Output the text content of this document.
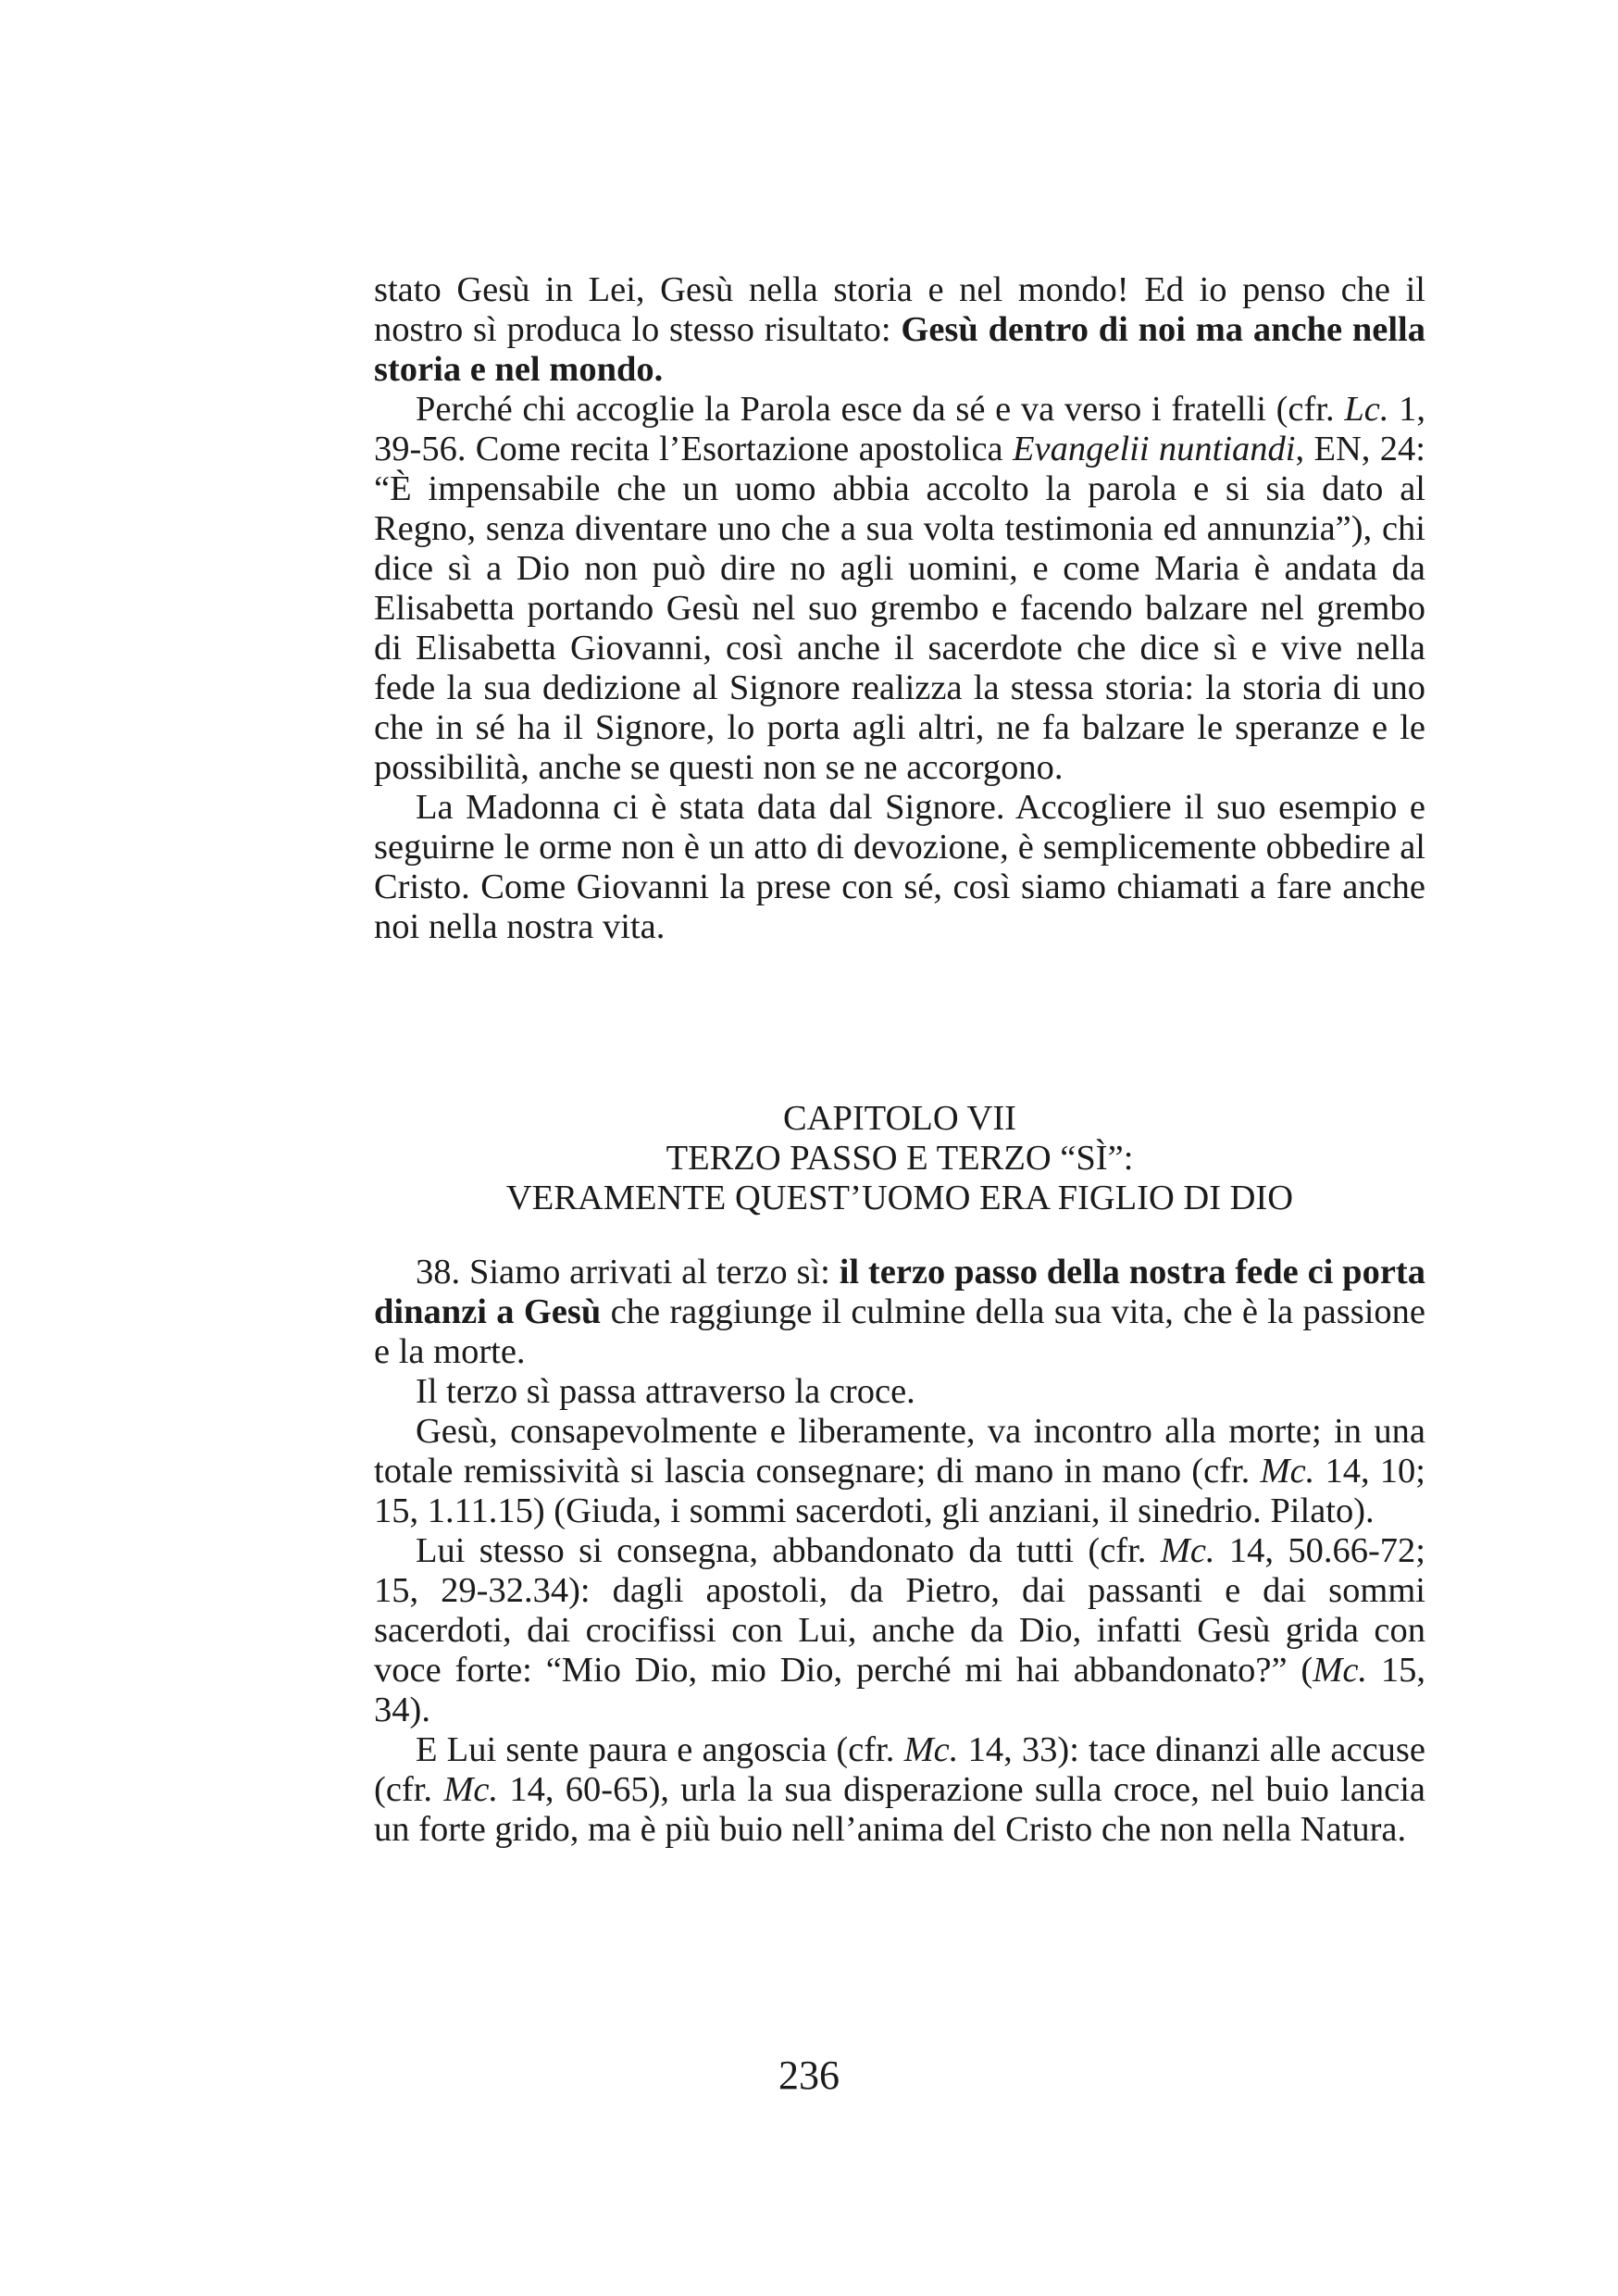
stato Gesù in Lei, Gesù nella storia e nel mondo! Ed io penso che il nostro sì produca lo stesso risultato: Gesù dentro di noi ma anche nella storia e nel mondo.

Perché chi accoglie la Parola esce da sé e va verso i fratelli (cfr. Lc. 1, 39-56. Come recita l’Esortazione apostolica Evangelii nuntiandi, EN, 24: “È impensabile che un uomo abbia accolto la parola e si sia dato al Regno, senza diventare uno che a sua volta testimonia ed annunzia”), chi dice sì a Dio non può dire no agli uomini, e come Maria è andata da Elisabetta portando Gesù nel suo grembo e facendo balzare nel grembo di Elisabetta Giovanni, così anche il sacerdote che dice sì e vive nella fede la sua dedizione al Signore realizza la stessa storia: la storia di uno che in sé ha il Signore, lo porta agli altri, ne fa balzare le speranze e le possibilità, anche se questi non se ne accorgono.

La Madonna ci è stata data dal Signore. Accogliere il suo esempio e seguirne le orme non è un atto di devozione, è semplicemente obbedire al Cristo. Come Giovanni la prese con sé, così siamo chiamati a fare anche noi nella nostra vita.

CAPITOLO VII
TERZO PASSO E TERZO “SÌ”:
VERAMENTE QUEST’UOMO ERA FIGLIO DI DIO

38. Siamo arrivati al terzo sì: il terzo passo della nostra fede ci porta dinanzi a Gesù che raggiunge il culmine della sua vita, che è la passione e la morte.

Il terzo sì passa attraverso la croce.

Gesù, consapevolmente e liberamente, va incontro alla morte; in una totale remissività si lascia consegnare; di mano in mano (cfr. Mc. 14, 10; 15, 1.11.15) (Giuda, i sommi sacerdoti, gli anziani, il sinedrio. Pilato).

Lui stesso si consegna, abbandonato da tutti (cfr. Mc. 14, 50.66-72; 15, 29-32.34): dagli apostoli, da Pietro, dai passanti e dai sommi sacerdoti, dai crocifissi con Lui, anche da Dio, infatti Gesù grida con voce forte: “Mio Dio, mio Dio, perché mi hai abbandonato?” (Mc. 15, 34).

E Lui sente paura e angoscia (cfr. Mc. 14, 33): tace dinanzi alle accuse (cfr. Mc. 14, 60-65), urla la sua disperazione sulla croce, nel buio lancia un forte grido, ma è più buio nell’anima del Cristo che non nella Natura.

236
